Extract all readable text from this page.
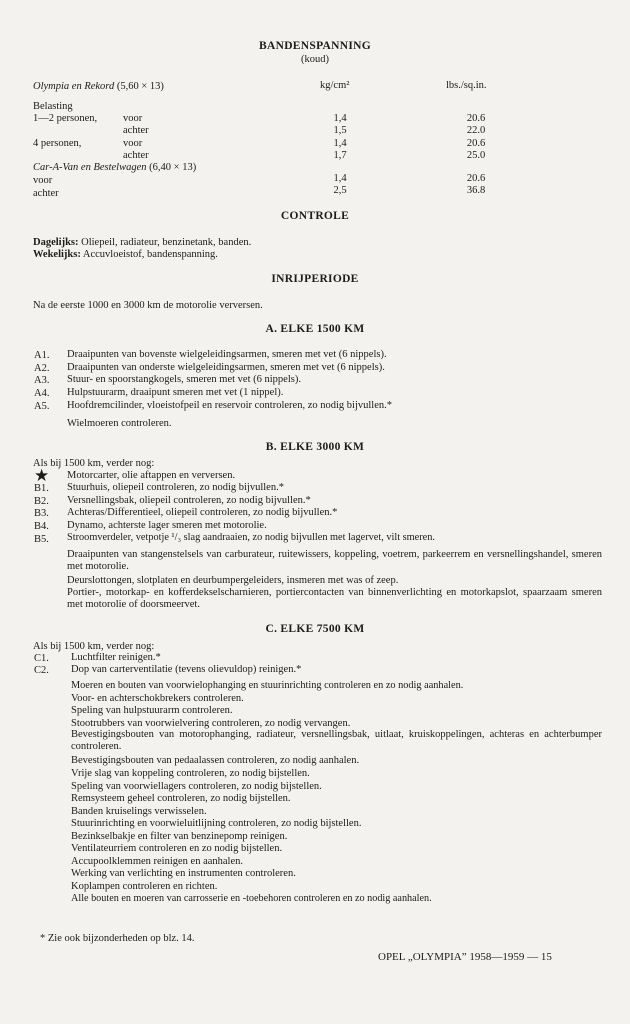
BANDENSPANNING
(koud)
Olympia en Rekord (5,60 × 13)	kg/cm²	lbs./sq.in.
Belasting
1—2 personen, voor	1,4	20.6
achter	1,5	22.0
4 personen,	voor	1,4	20.6
achter	1,7	25.0
Car-A-Van en Bestelwagen (6,40 × 13)
voor	1,4	20.6
achter	2,5	36.8
CONTROLE
Dagelijks: Oliepeil, radiateur, benzinetank, banden.
Wekelijks: Accuvloeistof, bandenspanning.
INRIJPERIODE
Na de eerste 1000 en 3000 km de motorolie verversen.
A. ELKE 1500 KM
A1. Draaipunten van bovenste wielgeleidingsarmen, smeren met vet (6 nippels).
A2. Draaipunten van onderste wielgeleidingsarmen, smeren met vet (6 nippels).
A3. Stuur- en spoorstangkogels, smeren met vet (6 nippels).
A4. Hulpstuurarm, draaipunt smeren met vet (1 nippel).
A5. Hoofdremcilinder, vloeistofpeil en reservoir controleren, zo nodig bijvullen.*
Wielmoeren controleren.
B. ELKE 3000 KM
Als bij 1500 km, verder nog:
★ Motorcarter, olie aftappen en verversen.
B1. Stuurhuis, oliepeil controleren, zo nodig bijvullen.*
B2. Versnellingsbak, oliepeil controleren, zo nodig bijvullen.*
B3. Achteras/Differentieel, oliepeil controleren, zo nodig bijvullen.*
B4. Dynamo, achterste lager smeren met motorolie.
B5. Stroomverdeler, vetpotje ¹/₃ slag aandraaien, zo nodig bijvullen met lagervet, vilt smeren.
Draaipunten van stangenstelsels van carburateur, ruitewissers, koppeling, voetrem, parkeerrem en versnellingshandel, smeren met motorolie.
Deurslottongen, slotplaten en deurbumpergeleiders, insmeren met was of zeep.
Portier-, motorkap- en kofferdekselscharnieren, portiercontacten van binnenverlichting en motorkapslot, spaarzaam smeren met motorolie of doorsmeervet.
C. ELKE 7500 KM
Als bij 1500 km, verder nog:
C1. Luchtfilter reinigen.*
C2. Dop van carterventilatie (tevens olievuldop) reinigen.*
Moeren en bouten van voorwielophanging en stuurinrichting controleren en zo nodig aanhalen.
Voor- en achterschokbrekers controleren.
Speling van hulpstuurarm controleren.
Stootrubbers van voorwielvering controleren, zo nodig vervangen.
Bevestigingsbouten van motorophanging, radiateur, versnellingsbak, uitlaat, kruiskoppelingen, achteras en achterbumper controleren.
Bevestigingsbouten van pedaalassen controleren, zo nodig aanhalen.
Vrije slag van koppeling controleren, zo nodig bijstellen.
Speling van voorwiellagers controleren, zo nodig bijstellen.
Remsysteem geheel controleren, zo nodig bijstellen.
Banden kruiselings verwisselen.
Stuurinrichting en voorwieluitlijning controleren, zo nodig bijstellen.
Bezinkselbakje en filter van benzinepomp reinigen.
Ventilateurriem controleren en zo nodig bijstellen.
Accupoolklemmen reinigen en aanhalen.
Werking van verlichting en instrumenten controleren.
Koplampen controleren en richten.
Alle bouten en moeren van carrosserie en -toebehoren controleren en zo nodig aanhalen.
* Zie ook bijzonderheden op blz. 14.
OPEL „OLYMPIA” 1958—1959 — 15
